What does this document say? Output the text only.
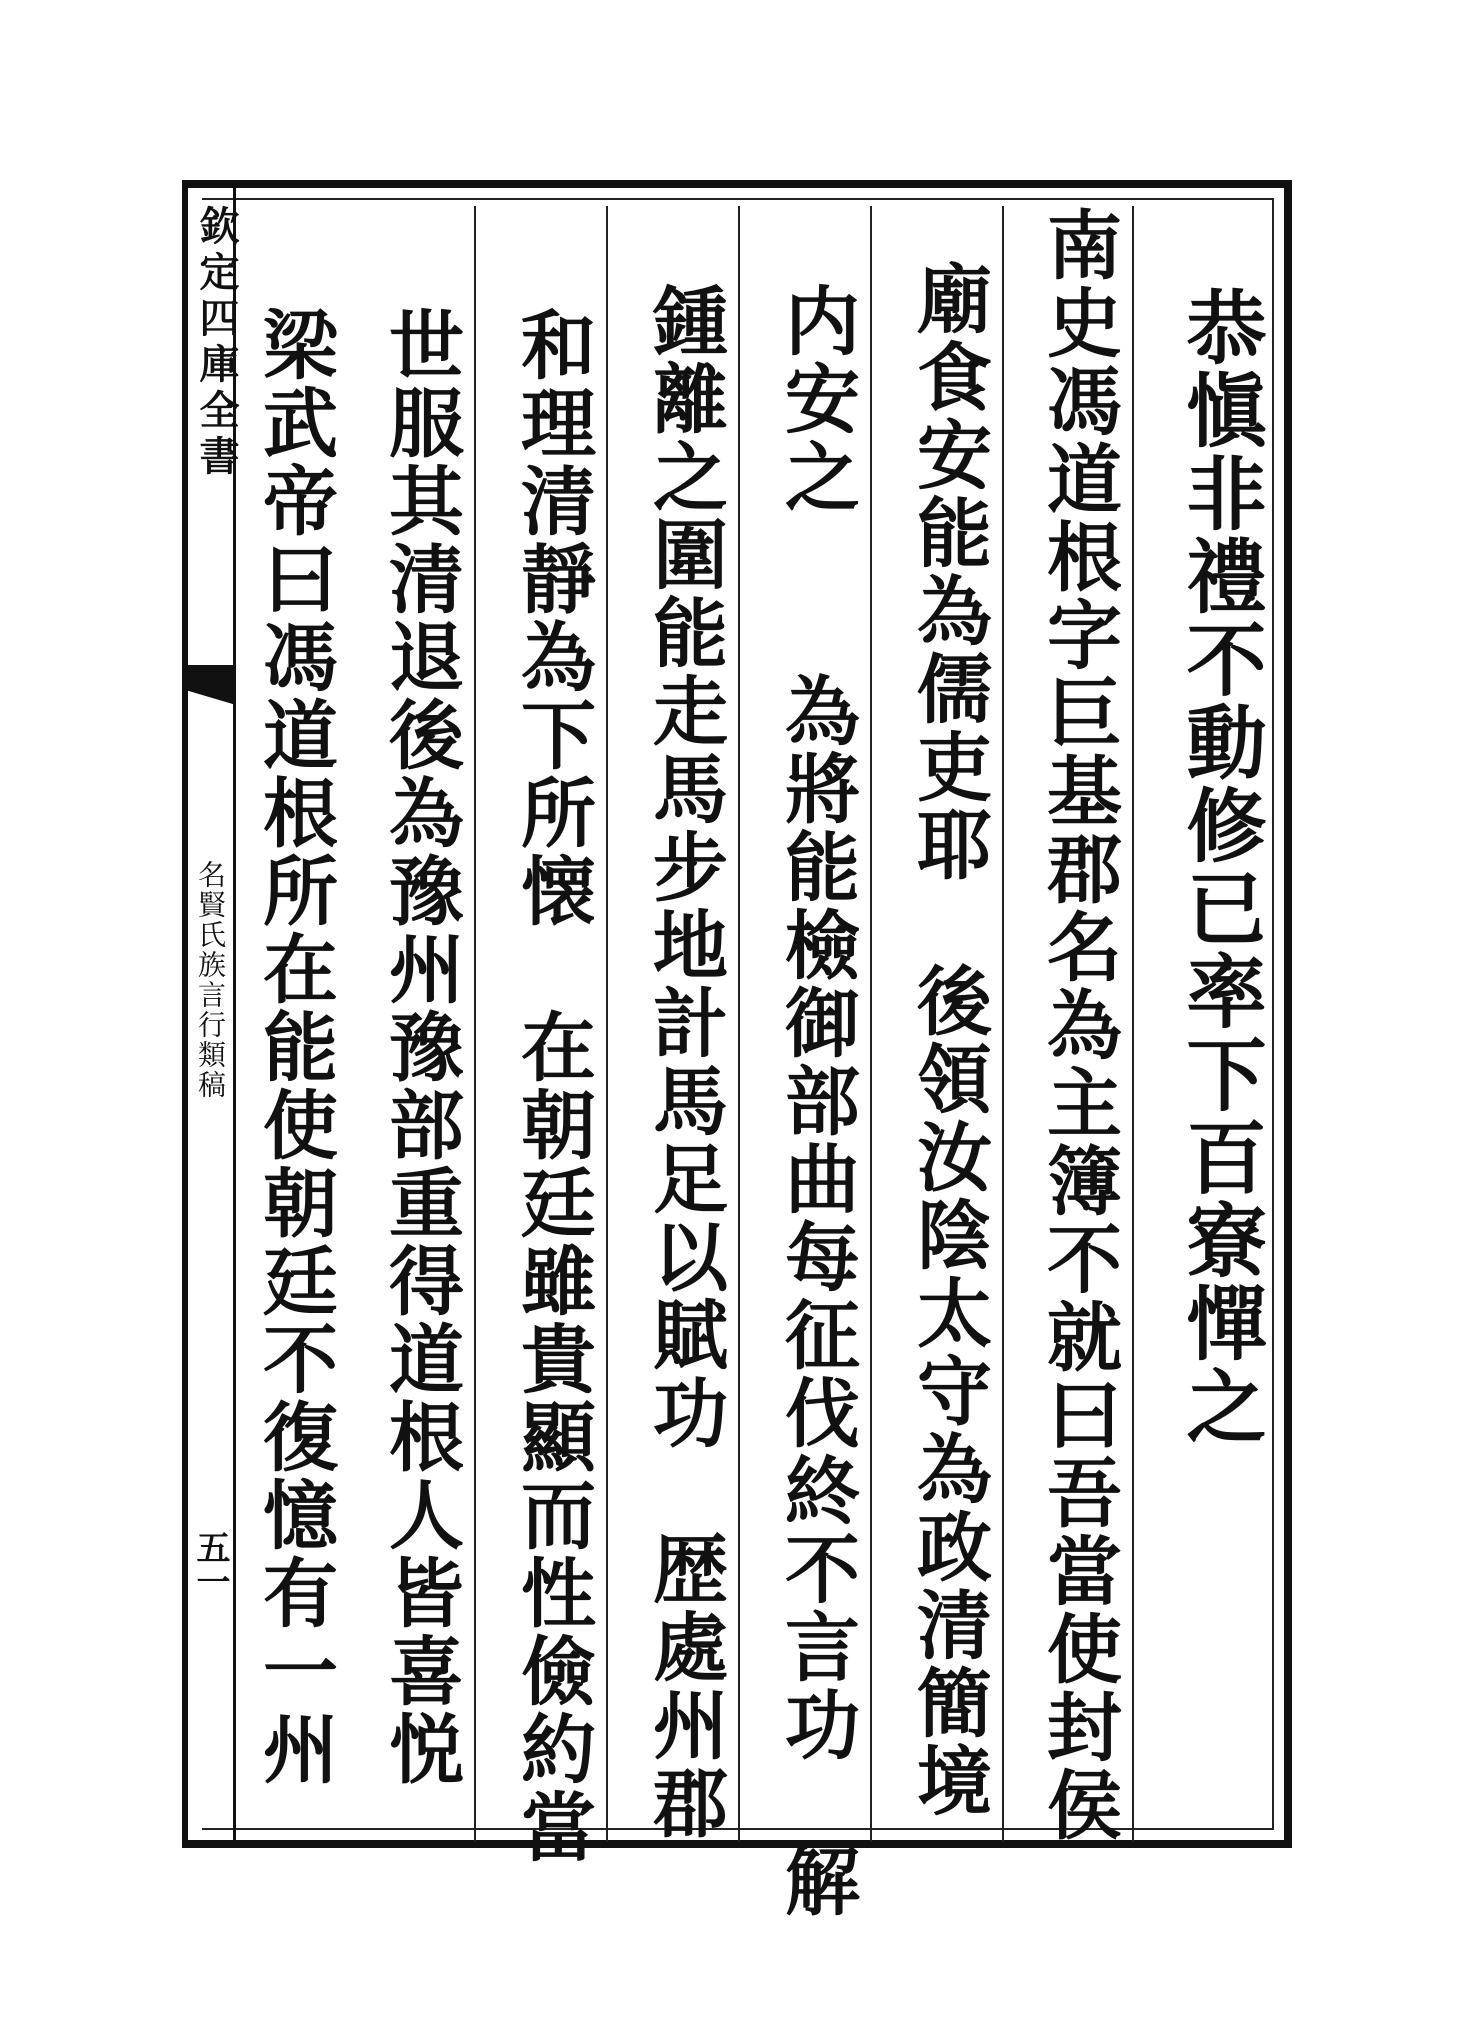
欽定四庫全書
名賢氏族言行類稿
五一
恭愼非禮不動修已率下百寮憚之
南史馮道根字巨基郡名為主簿不就曰吾當使封侯
廟食安能為儒吏耶　後領汝陰太守為政清簡境
内安之　　為將能檢御部曲每征伐終不言功　解
鍾離之圍能走馬步地計馬足以賦功　歴處州郡
和理清靜為下所懐　在朝廷雖貴顯而性儉約當
世服其清退後為豫州豫部重得道根人皆喜悦
梁武帝曰馮道根所在能使朝廷不復憶有一州
